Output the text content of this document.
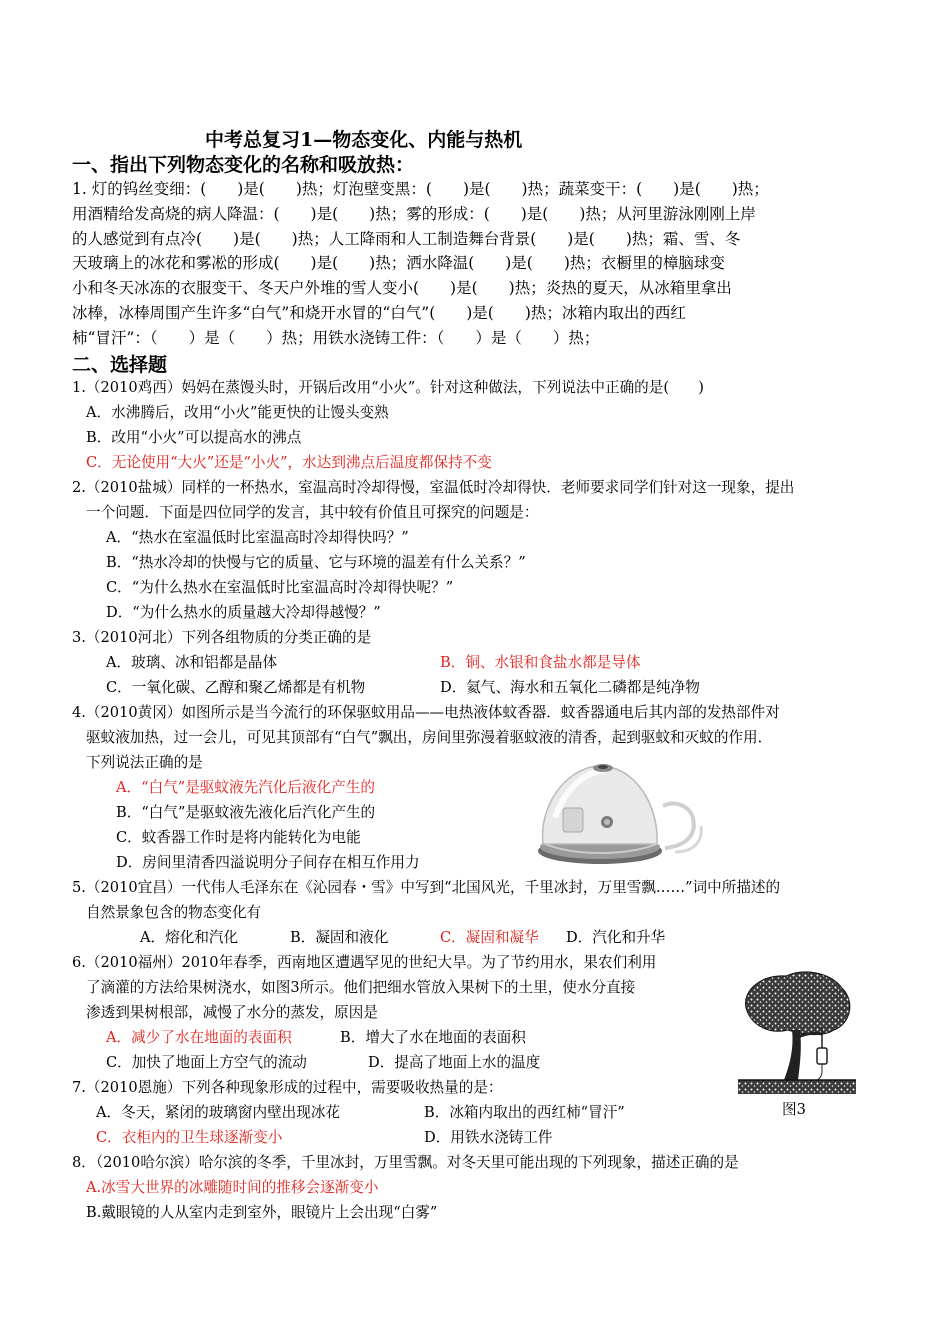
中考总复习1—物态变化、内能与热机
一、指出下列物态变化的名称和吸放热：
1. 灯的钨丝变细：(　　)是(　　)热；灯泡壁变黑：(　　)是(　　)热；蔬菜变干：(　　)是(　　)热；
用酒精给发高烧的病人降温：(　　)是(　　)热；雾的形成：(　　)是(　　)热；从河里游泳刚刚上岸
的人感觉到有点冷(　　)是(　　)热；人工降雨和人工制造舞台背景(　　)是(　　)热；霜、雪、冬
天玻璃上的冰花和雾凇的形成(　　)是(　　)热；洒水降温(　　)是(　　)热；衣橱里的樟脑球变
小和冬天冰冻的衣服变干、冬天户外堆的雪人变小(　　)是(　　)热；炎热的夏天，从冰箱里拿出
冰棒，冰棒周围产生许多“白气”和烧开水冒的“白气”(　　)是(　　)热；冰箱内取出的西红
柿“冒汗”：（　　）是（　　）热；用铁水浇铸工件：（　　）是（　　）热；
二、选择题
1.（2010鸡西）妈妈在蒸馒头时，开锅后改用“小火”。针对这种做法，下列说法中正确的是(　　)
A．水沸腾后，改用“小火”能更快的让馒头变熟
B．改用“小火”可以提高水的沸点
C．无论使用“大火”还是“小火”，水达到沸点后温度都保持不变
2.（2010盐城）同样的一杯热水，室温高时冷却得慢，室温低时冷却得快．老师要求同学们针对这一现象，提出
一个问题．下面是四位同学的发言，其中较有价值且可探究的问题是：
A．“热水在室温低时比室温高时冷却得快吗？”
B．“热水冷却的快慢与它的质量、它与环境的温差有什么关系？”
C．“为什么热水在室温低时比室温高时冷却得快呢？”
D．“为什么热水的质量越大冷却得越慢？”
3.（2010河北）下列各组物质的分类正确的是
A．玻璃、冰和铝都是晶体	B．铜、水银和食盐水都是导体
C．一氧化碳、乙醇和聚乙烯都是有机物	D．氦气、海水和五氧化二磷都是纯净物
4.（2010黄冈）如图所示是当今流行的环保驱蚊用品——电热液体蚊香器．蚊香器通电后其内部的发热部件对
驱蚊液加热，过一会儿，可见其顶部有“白气”飘出，房间里弥漫着驱蚊液的清香，起到驱蚊和灭蚊的作用．
下列说法正确的是
A．“白气”是驱蚊液先汽化后液化产生的
B．“白气”是驱蚊液先液化后汽化产生的
C．蚊香器工作时是将内能转化为电能
D．房间里清香四溢说明分子间存在相互作用力
5.（2010宜昌）一代伟人毛泽东在《沁园春・雪》中写到“北国风光，千里冰封，万里雪飘……”词中所描述的
自然景象包含的物态变化有
A．熔化和汽化	B．凝固和液化	C．凝固和凝华 D．汽化和升华
6.（2010福州）2010年春季，西南地区遭遇罕见的世纪大旱。为了节约用水，果农们利用
了滴灌的方法给果树浇水，如图3所示。他们把细水管放入果树下的土里，使水分直接
渗透到果树根部，减慢了水分的蒸发，原因是
A．减少了水在地面的表面积	B．增大了水在地面的表面积
C．加快了地面上方空气的流动	D．提高了地面上水的温度
7.（2010恩施）下列各种现象形成的过程中，需要吸收热量的是：
A．冬天，紧闭的玻璃窗内壁出现冰花	B．冰箱内取出的西红柿“冒汗”
C．衣柜内的卫生球逐渐变小	D．用铁水浇铸工件
图3
8．（2010哈尔滨）哈尔滨的冬季，千里冰封，万里雪飘。对冬天里可能出现的下列现象，描述正确的是
A.冰雪大世界的冰雕随时间的推移会逐渐变小
B.戴眼镜的人从室内走到室外，眼镜片上会出现“白雾”
